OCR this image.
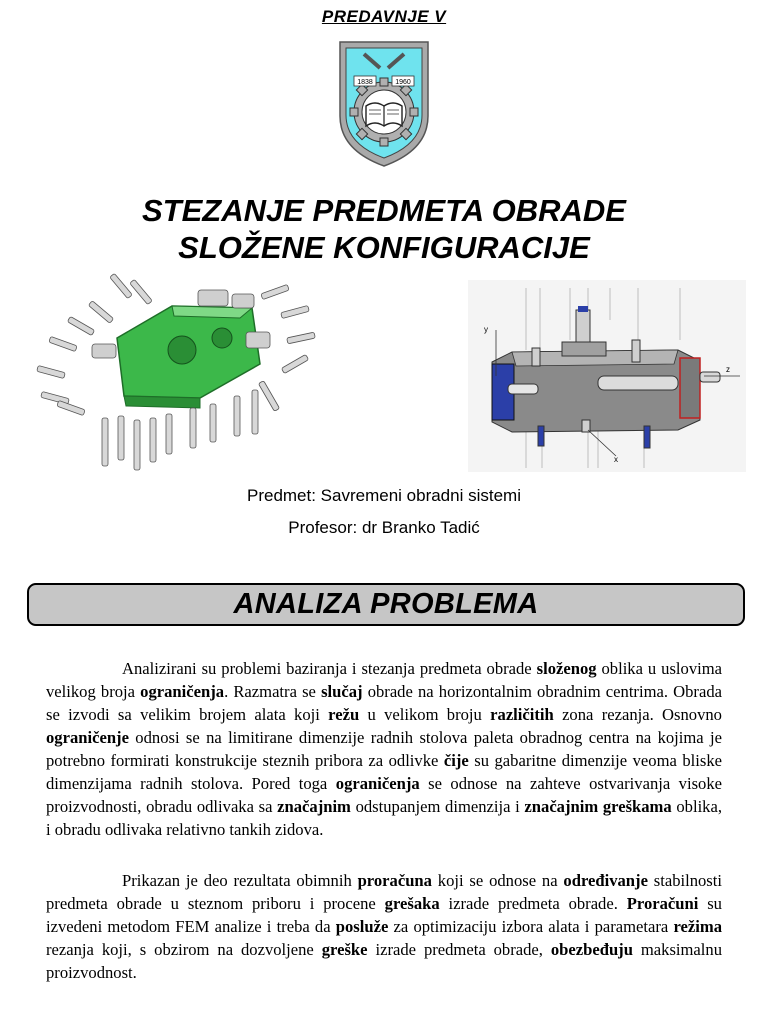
PREDAVNJE V
1838	1960
STEZANJE PREDMETA OBRADE
SLOŽENE KONFIGURACIJE
y
z
x
Predmet: Savremeni obradni sistemi
Profesor: dr Branko Tadić
ANALIZA PROBLEMA

Analizirani su problemi baziranja i stezanja predmeta obrade složenog oblika u uslovima velikog broja ograničenja. Razmatra se slučaj obrade na horizontalnim obradnim centrima. Obrada se izvodi sa velikim brojem alata koji režu u velikom broju različitih zona rezanja. Osnovno ograničenje odnosi se na limitirane dimenzije radnih stolova paleta obradnog centra na kojima je potrebno formirati konstrukcije steznih pribora za odlivke čije su gabaritne dimenzije veoma bliske dimenzijama radnih stolova. Pored toga ograničenja se odnose na zahteve ostvarivanja visoke proizvodnosti, obradu odlivaka sa značajnim odstupanjem dimenzija i značajnim greškama oblika, i obradu odlivaka relativno tankih zidova.

Prikazan je deo rezultata obimnih proračuna koji se odnose na određivanje stabilnosti predmeta obrade u steznom priboru i procene grešaka izrade predmeta obrade. Proračuni su izvedeni metodom FEM analize i treba da posluže za optimizaciju izbora alata i parametara režima rezanja koji, s obzirom na dozvoljene greške izrade predmeta obrade, obezbeđuju maksimalnu proizvodnost.
